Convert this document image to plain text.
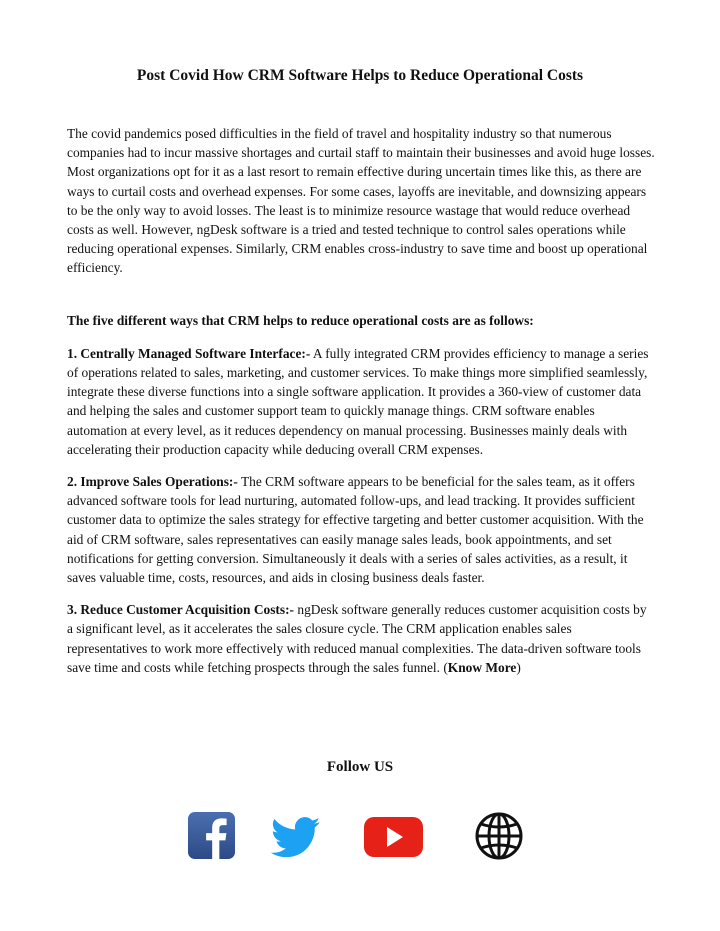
Post Covid How CRM Software Helps to Reduce Operational Costs

The covid pandemics posed difficulties in the field of travel and hospitality industry so that numerous companies had to incur massive shortages and curtail staff to maintain their businesses and avoid huge losses. Most organizations opt for it as a last resort to remain effective during uncertain times like this, as there are ways to curtail costs and overhead expenses. For some cases, layoffs are inevitable, and downsizing appears to be the only way to avoid losses. The least is to minimize resource wastage that would reduce overhead costs as well. However, ngDesk software is a tried and tested technique to control sales operations while reducing operational expenses. Similarly, CRM enables cross-industry to save time and boost up operational efficiency.

The five different ways that CRM helps to reduce operational costs are as follows:

1. Centrally Managed Software Interface:- A fully integrated CRM provides efficiency to manage a series of operations related to sales, marketing, and customer services. To make things more simplified seamlessly, integrate these diverse functions into a single software application. It provides a 360-view of customer data and helping the sales and customer support team to quickly manage things. CRM software enables automation at every level, as it reduces dependency on manual processing. Businesses mainly deals with accelerating their production capacity while deducing overall CRM expenses.

2. Improve Sales Operations:- The CRM software appears to be beneficial for the sales team, as it offers advanced software tools for lead nurturing, automated follow-ups, and lead tracking. It provides sufficient customer data to optimize the sales strategy for effective targeting and better customer acquisition. With the aid of CRM software, sales representatives can easily manage sales leads, book appointments, and set notifications for getting conversion. Simultaneously it deals with a series of sales activities, as a result, it saves valuable time, costs, resources, and aids in closing business deals faster.

3. Reduce Customer Acquisition Costs:- ngDesk software generally reduces customer acquisition costs by a significant level, as it accelerates the sales closure cycle. The CRM application enables sales representatives to work more effectively with reduced manual complexities. The data-driven software tools save time and costs while fetching prospects through the sales funnel. (Know More)

Follow US
